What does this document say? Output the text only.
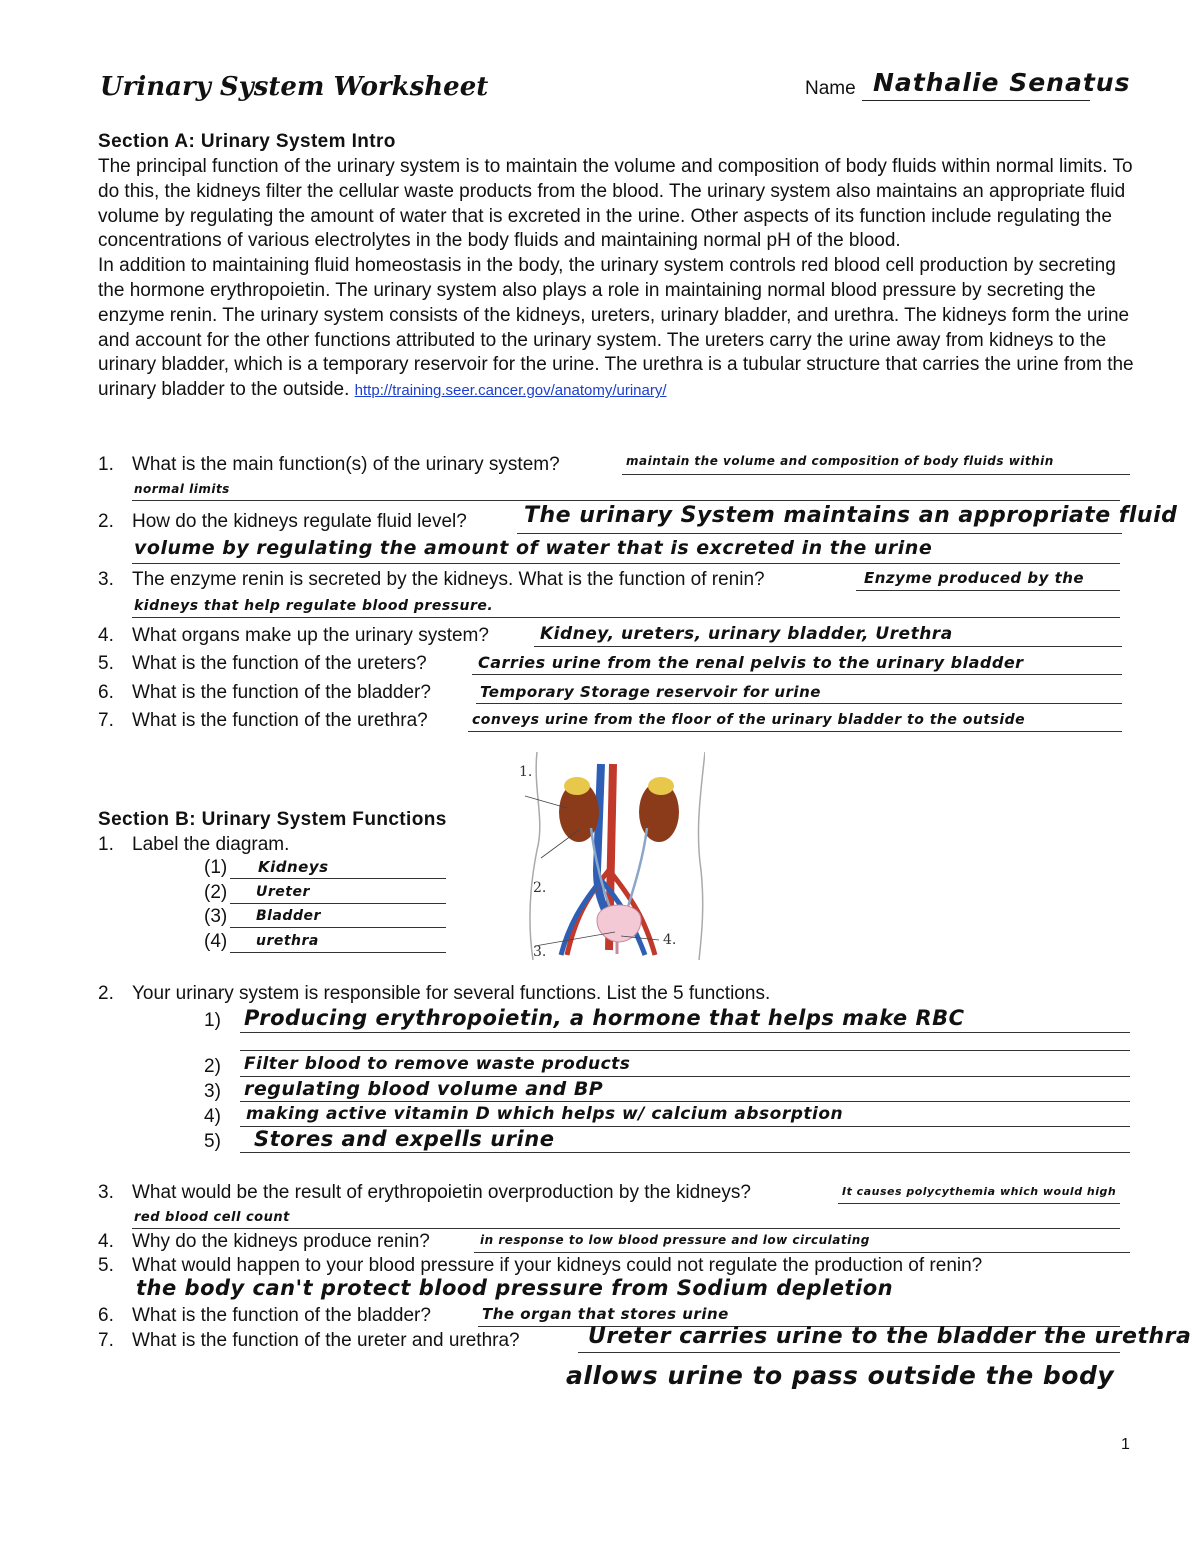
Urinary System Worksheet	Name Nathalie Senatus
Section A: Urinary System Intro

The principal function of the urinary system is to maintain the volume and composition of body fluids within normal limits. To do this, the kidneys filter the cellular waste products from the blood. The urinary system also maintains an appropriate fluid volume by regulating the amount of water that is excreted in the urine. Other aspects of its function include regulating the concentrations of various electrolytes in the body fluids and maintaining normal pH of the blood.

In addition to maintaining fluid homeostasis in the body, the urinary system controls red blood cell production by secreting the hormone erythropoietin. The urinary system also plays a role in maintaining normal blood pressure by secreting the enzyme renin. The urinary system consists of the kidneys, ureters, urinary bladder, and urethra. The kidneys form the urine and account for the other functions attributed to the urinary system. The ureters carry the urine away from kidneys to the urinary bladder, which is a temporary reservoir for the urine. The urethra is a tubular structure that carries the urine from the urinary bladder to the outside. http://training.seer.cancer.gov/anatomy/urinary/

1. What is the main function(s) of the urinary system?	maintain the volume and composition of body fluids within
normal limits
2. How do the kidneys regulate fluid level?	The urinary System maintains an appropriate fluid
volume by regulating the amount of water that is excreted in the urine
3. The enzyme renin is secreted by the kidneys. What is the function of renin?	Enzyme produced by the
kidneys that help regulate blood pressure.
4. What organs make up the urinary system?	Kidney, ureters, urinary bladder, Urethra
5. What is the function of the ureters?	Carries urine from the renal pelvis to the urinary bladder
6. What is the function of the bladder?	Temporary Storage reservoir for urine
7. What is the function of the urethra?	conveys urine from the floor of the urinary bladder to the outside
1.
2.
3.
4.
Section B: Urinary System Functions
1. Label the diagram.
(1) Kidneys
(2) Ureter
(3) Bladder
(4) urethra
2. Your urinary system is responsible for several functions. List the 5 functions.
1) Producing erythropoietin, a hormone that helps make RBC
2) Filter blood to remove waste products
3) regulating blood volume and BP
4) making active vitamin D which helps w/ calcium absorption
5) Stores and expells urine
3. What would be the result of erythropoietin overproduction by the kidneys?	It causes polycythemia which would high
red blood cell count
4. Why do the kidneys produce renin?	in response to low blood pressure and low circulating
5. What would happen to your blood pressure if your kidneys could not regulate the production of renin?
the body can't protect blood pressure from Sodium depletion
6. What is the function of the bladder?	The organ that stores urine
7. What is the function of the ureter and urethra?	Ureter carries urine to the bladder the urethra
allows urine to pass outside the body
1
